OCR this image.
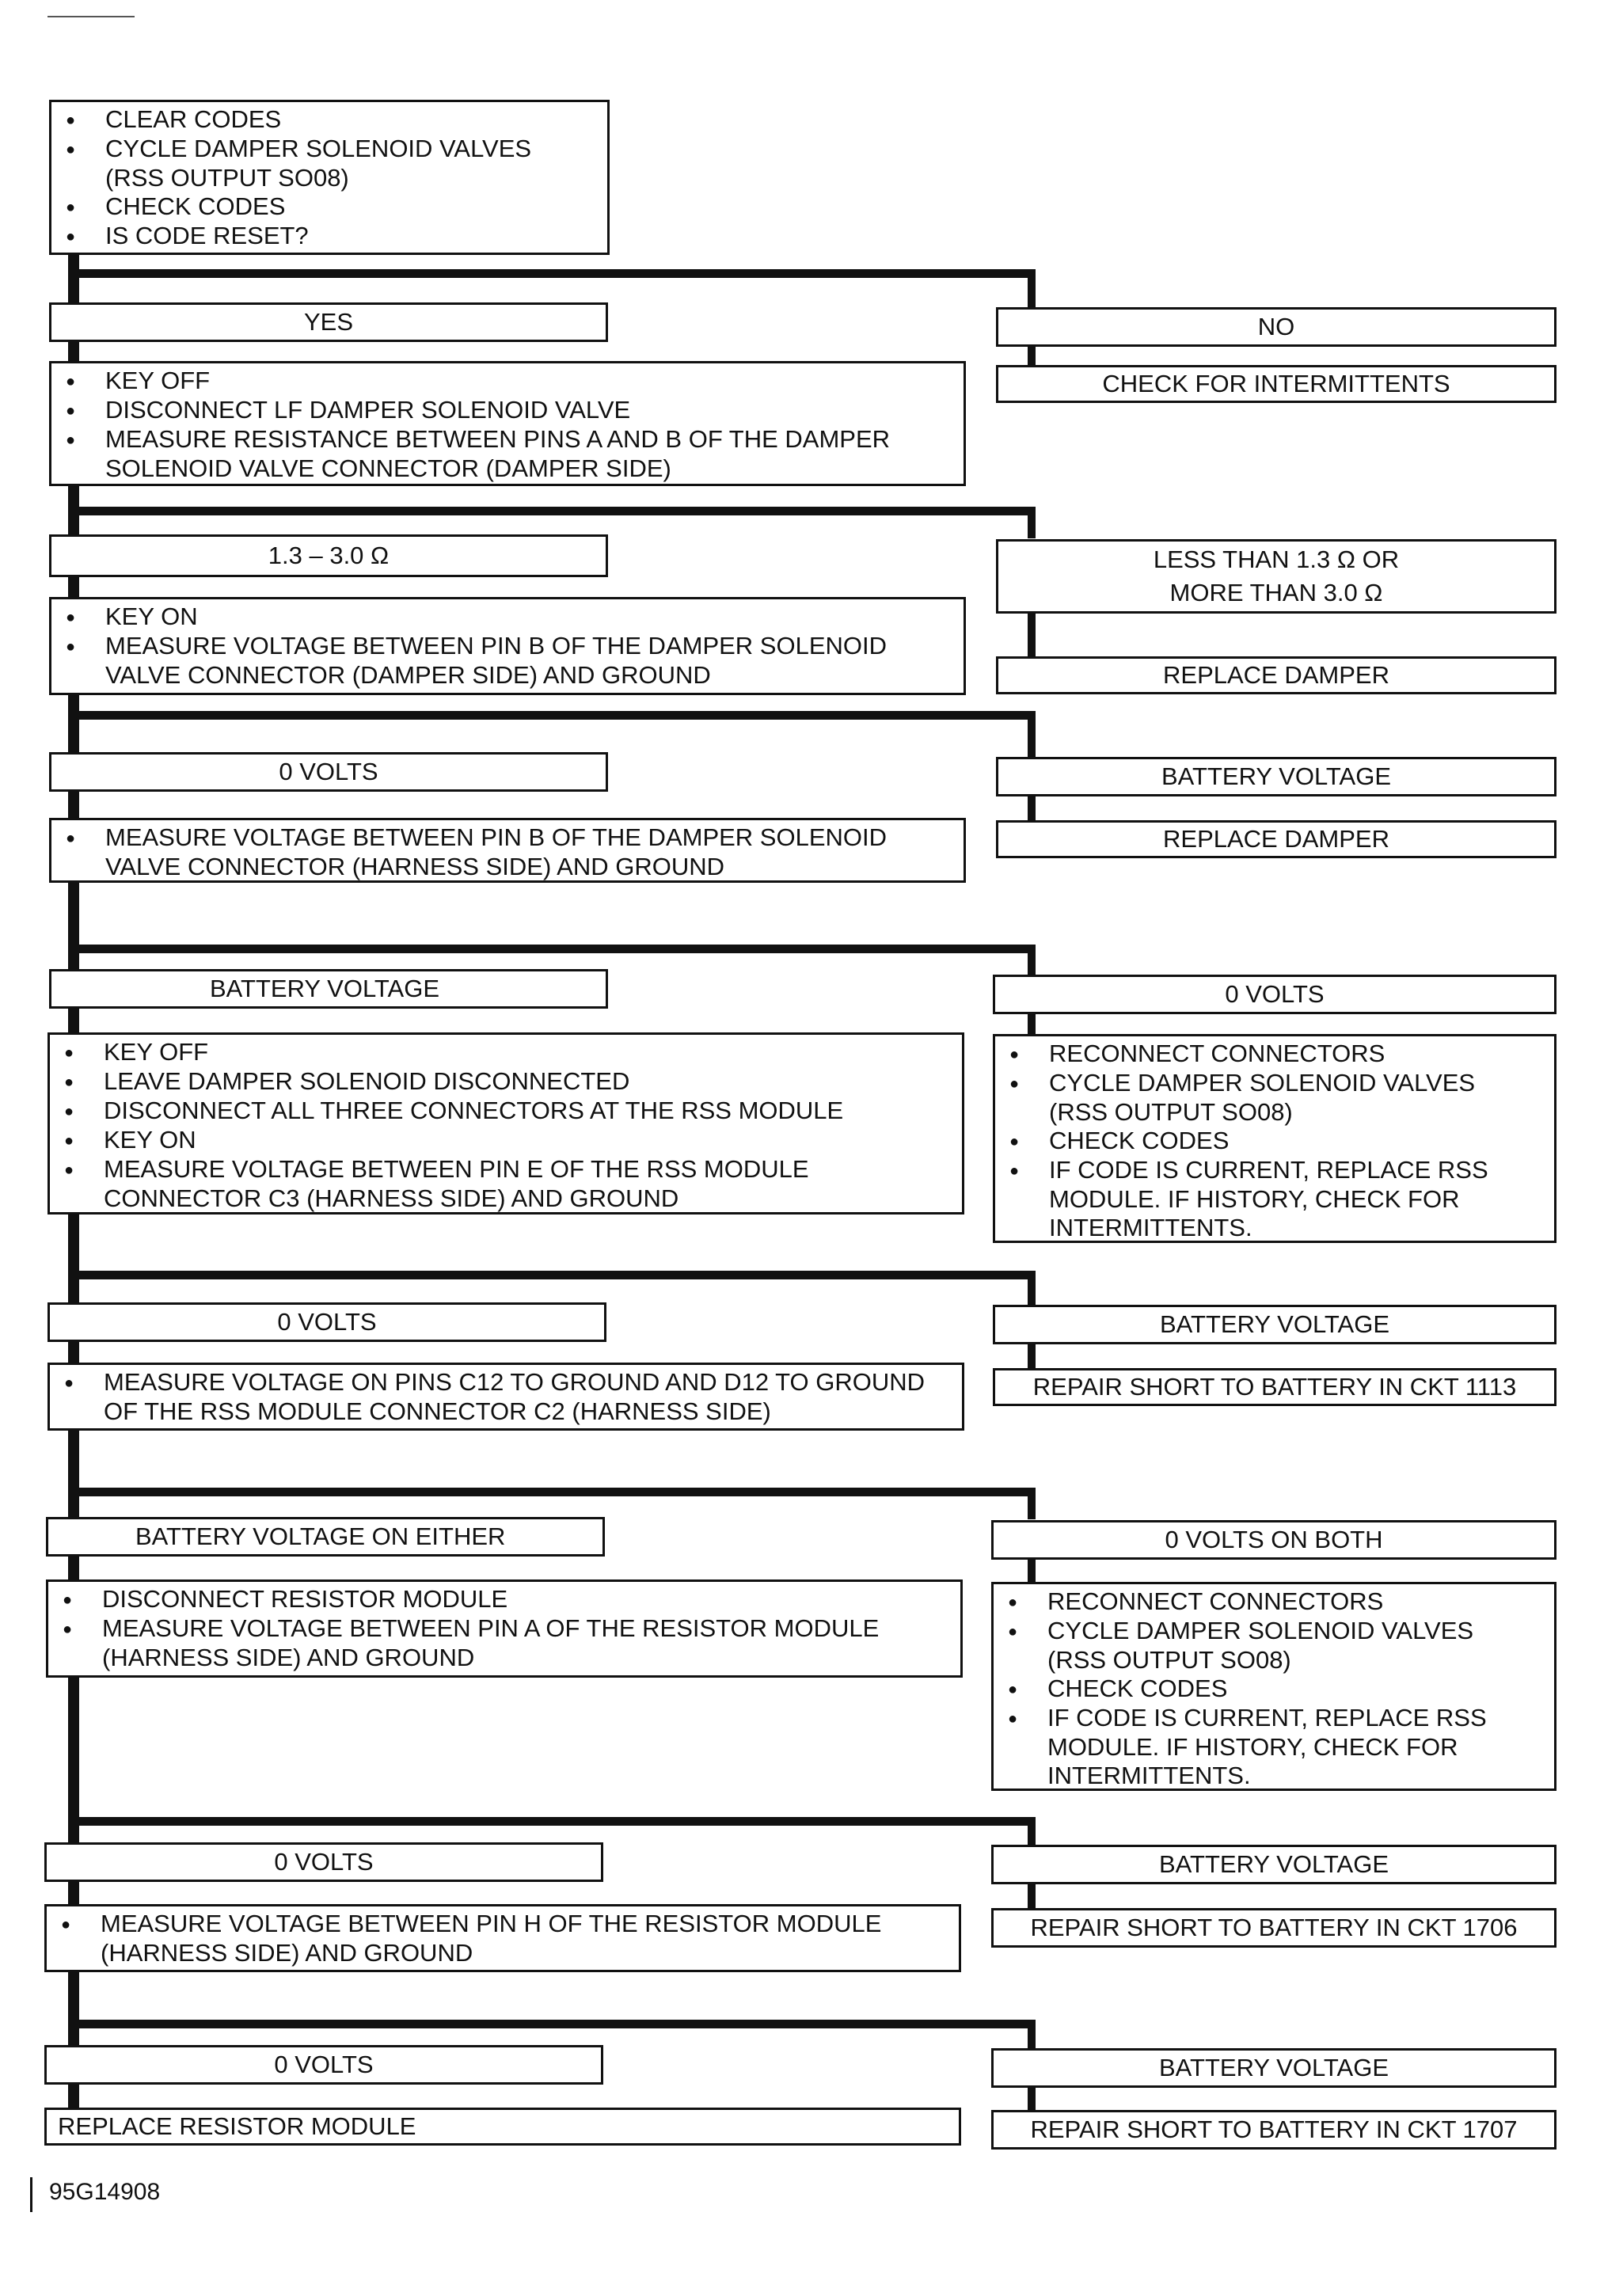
● CLEAR CODES
● CYCLE DAMPER SOLENOID VALVES
(RSS OUTPUT SO08)
● CHECK CODES
● IS CODE RESET?
YES	NO
CHECK FOR INTERMITTENTS
● KEY OFF
● DISCONNECT LF DAMPER SOLENOID VALVE
● MEASURE RESISTANCE BETWEEN PINS A AND B OF THE DAMPER
SOLENOID VALVE CONNECTOR (DAMPER SIDE)
1.3 – 3.0 Ω	LESS THAN 1.3 Ω OR
MORE THAN 3.0 Ω
REPLACE DAMPER
● KEY ON
● MEASURE VOLTAGE BETWEEN PIN B OF THE DAMPER SOLENOID
VALVE CONNECTOR (DAMPER SIDE) AND GROUND
0 VOLTS	BATTERY VOLTAGE
REPLACE DAMPER
● MEASURE VOLTAGE BETWEEN PIN B OF THE DAMPER SOLENOID
VALVE CONNECTOR (HARNESS SIDE) AND GROUND
BATTERY VOLTAGE	0 VOLTS
● KEY OFF
● LEAVE DAMPER SOLENOID DISCONNECTED
● DISCONNECT ALL THREE CONNECTORS AT THE RSS MODULE
● KEY ON
● MEASURE VOLTAGE BETWEEN PIN E OF THE RSS MODULE
CONNECTOR C3 (HARNESS SIDE) AND GROUND
● RECONNECT CONNECTORS
● CYCLE DAMPER SOLENOID VALVES
(RSS OUTPUT SO08)
● CHECK CODES
● IF CODE IS CURRENT, REPLACE RSS
MODULE. IF HISTORY, CHECK FOR
INTERMITTENTS.
0 VOLTS	BATTERY VOLTAGE
REPAIR SHORT TO BATTERY IN CKT 1113
● MEASURE VOLTAGE ON PINS C12 TO GROUND AND D12 TO GROUND
OF THE RSS MODULE CONNECTOR C2 (HARNESS SIDE)
BATTERY VOLTAGE ON EITHER	0 VOLTS ON BOTH
● DISCONNECT RESISTOR MODULE
● MEASURE VOLTAGE BETWEEN PIN A OF THE RESISTOR MODULE
(HARNESS SIDE) AND GROUND
● RECONNECT CONNECTORS
● CYCLE DAMPER SOLENOID VALVES
(RSS OUTPUT SO08)
● CHECK CODES
● IF CODE IS CURRENT, REPLACE RSS
MODULE. IF HISTORY, CHECK FOR
INTERMITTENTS.
0 VOLTS	BATTERY VOLTAGE
REPAIR SHORT TO BATTERY IN CKT 1706
● MEASURE VOLTAGE BETWEEN PIN H OF THE RESISTOR MODULE
(HARNESS SIDE) AND GROUND
0 VOLTS	BATTERY VOLTAGE
REPLACE RESISTOR MODULE	REPAIR SHORT TO BATTERY IN CKT 1707
95G14908
